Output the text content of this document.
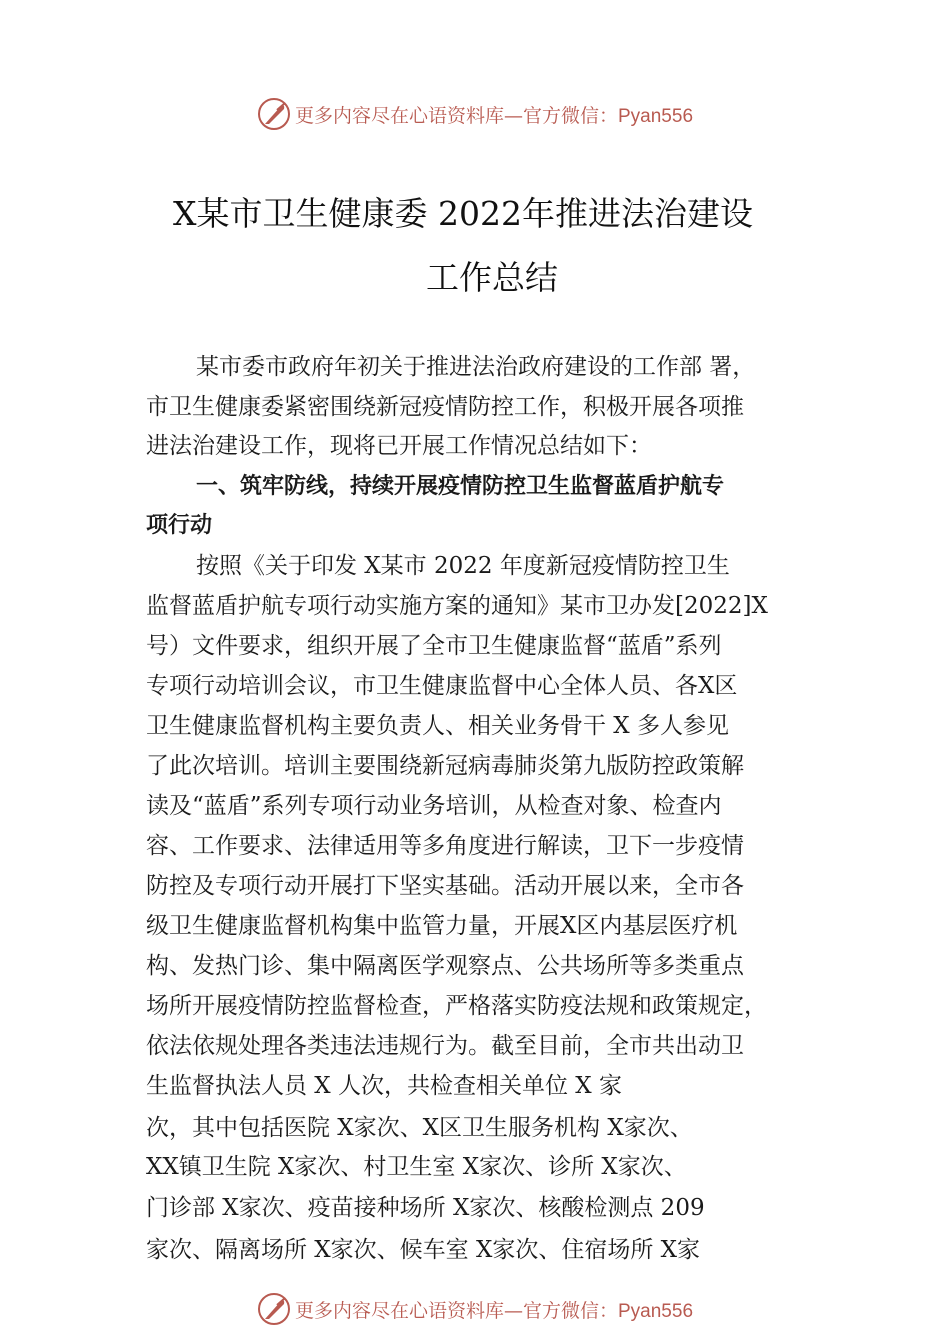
更多内容尽在心语资料库—官方微信：Pyan556
X某市卫生健康委 2022年推进法治建设
工作总结
某市委市政府年初关于推进法治政府建设的工作部 署，
市卫生健康委紧密围绕新冠疫情防控工作，积极开展各项推
进法治建设工作，现将已开展工作情况总结如下：
一、筑牢防线，持续开展疫情防控卫生监督蓝盾护航专
项行动
按照《关于印发 X某市 2022 年度新冠疫情防控卫生
监督蓝盾护航专项行动实施方案的通知》某市卫办发[2022]X
号）文件要求，组织开展了全市卫生健康监督“蓝盾”系列
专项行动培训会议，市卫生健康监督中心全体人员、各X区
卫生健康监督机构主要负责人、相关业务骨干 X 多人参见
了此次培训。培训主要围绕新冠病毒肺炎第九版防控政策解
读及“蓝盾”系列专项行动业务培训，从检查对象、检查内
容、工作要求、法律适用等多角度进行解读，卫下一步疫情
防控及专项行动开展打下坚实基础。活动开展以来，全市各
级卫生健康监督机构集中监管力量，开展X区内基层医疗机
构、发热门诊、集中隔离医学观察点、公共场所等多类重点
场所开展疫情防控监督检查，严格落实防疫法规和政策规定，
依法依规处理各类违法违规行为。截至目前，全市共出动卫
生监督执法人员 X 人次，共检查相关单位 X 家
次，其中包括医院 X家次、X区卫生服务机构 X家次、
XX镇卫生院 X家次、村卫生室 X家次、诊所 X家次、
门诊部 X家次、疫苗接种场所 X家次、核酸检测点 209
家次、隔离场所 X家次、候车室 X家次、住宿场所 X家
更多内容尽在心语资料库—官方微信：Pyan556
